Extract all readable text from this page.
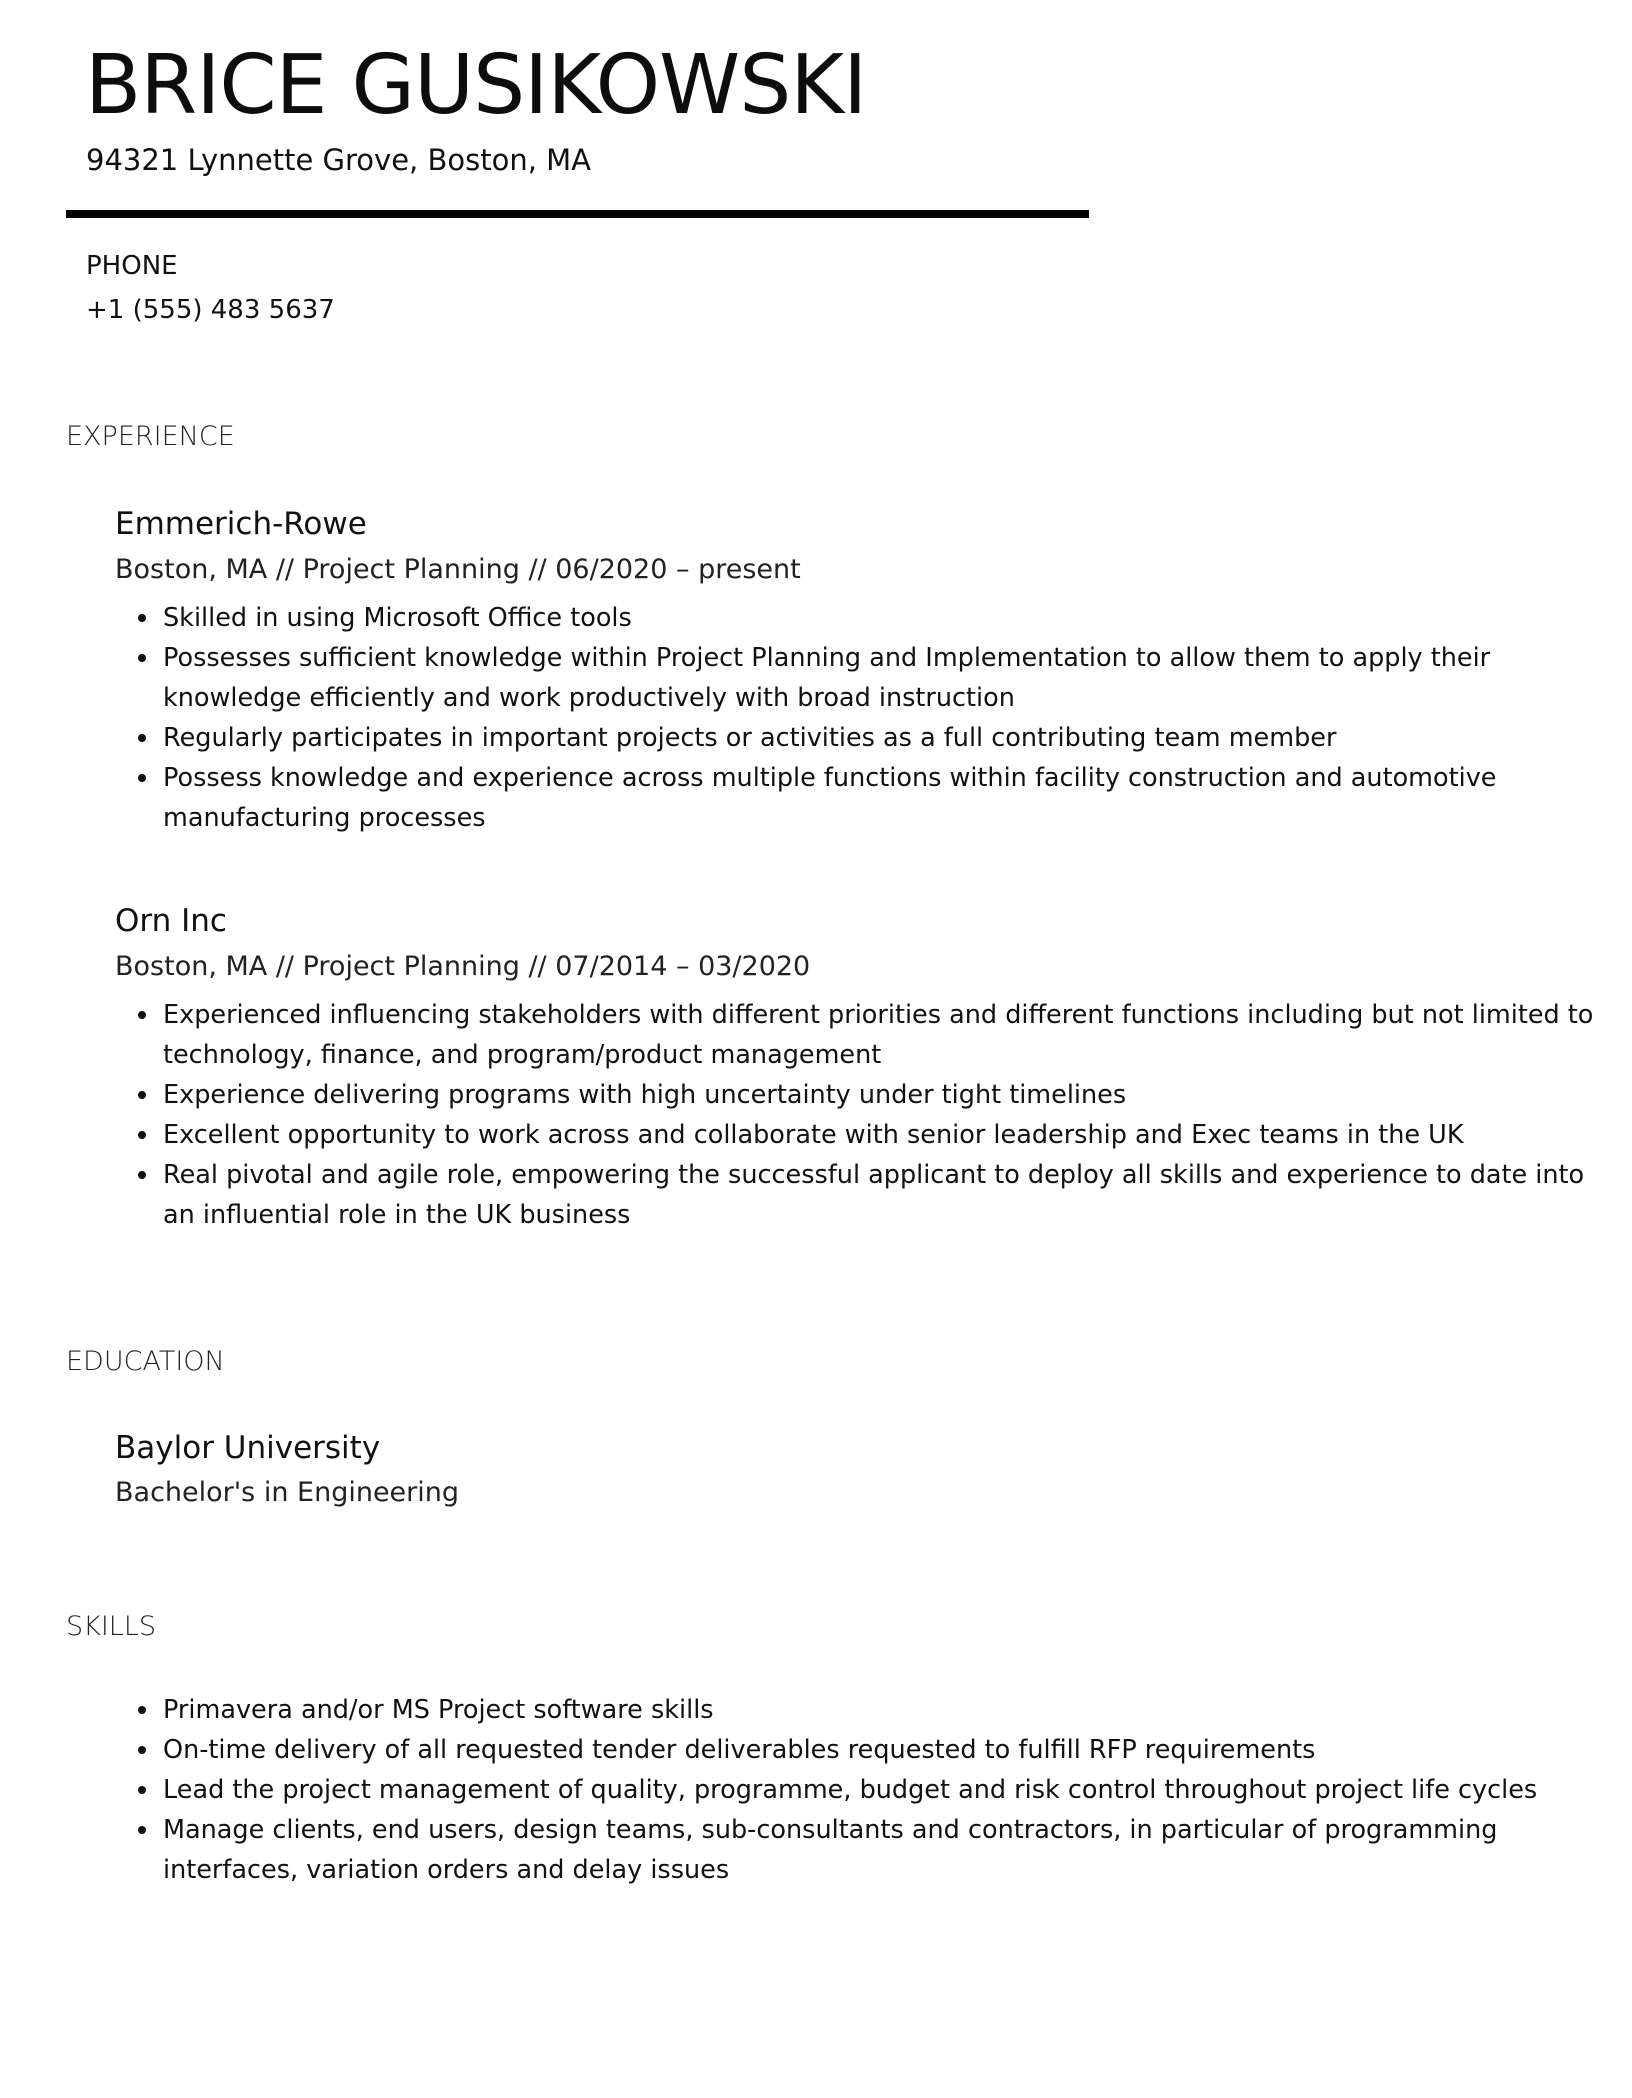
BRICE GUSIKOWSKI
94321 Lynnette Grove, Boston, MA
PHONE
+1 (555) 483 5637
EXPERIENCE
Emmerich-Rowe
Boston, MA // Project Planning // 06/2020 – present
Skilled in using Microsoft Office tools
Possesses sufficient knowledge within Project Planning and Implementation to allow them to apply their knowledge efficiently and work productively with broad instruction
Regularly participates in important projects or activities as a full contributing team member
Possess knowledge and experience across multiple functions within facility construction and automotive manufacturing processes
Orn Inc
Boston, MA // Project Planning // 07/2014 – 03/2020
Experienced influencing stakeholders with different priorities and different functions including but not limited to technology, finance, and program/product management
Experience delivering programs with high uncertainty under tight timelines
Excellent opportunity to work across and collaborate with senior leadership and Exec teams in the UK
Real pivotal and agile role, empowering the successful applicant to deploy all skills and experience to date into an influential role in the UK business
EDUCATION
Baylor University
Bachelor's in Engineering
SKILLS
Primavera and/or MS Project software skills
On-time delivery of all requested tender deliverables requested to fulfill RFP requirements
Lead the project management of quality, programme, budget and risk control throughout project life cycles
Manage clients, end users, design teams, sub-consultants and contractors, in particular of programming interfaces, variation orders and delay issues
